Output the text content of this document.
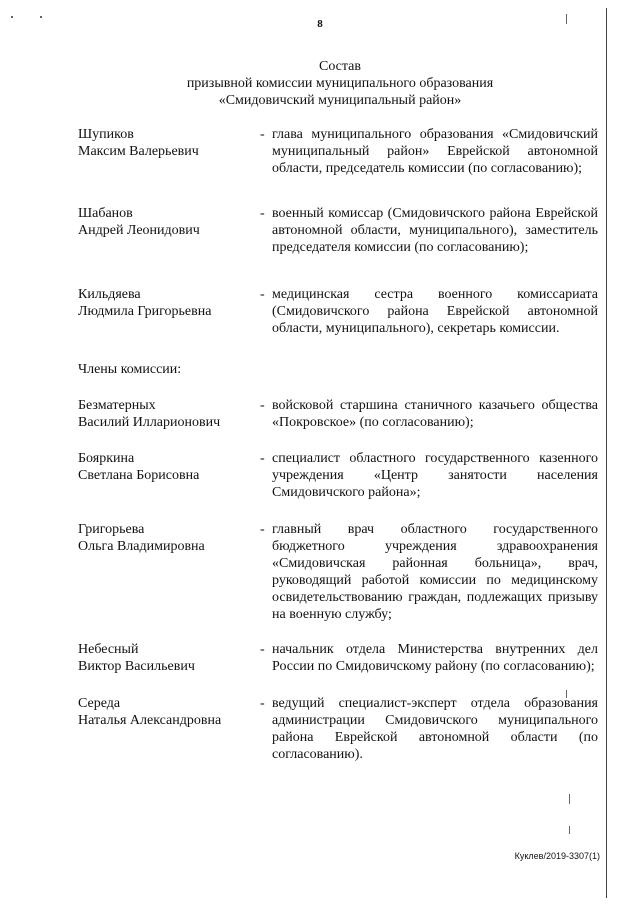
8
Состав
призывной комиссии муниципального образования
«Смидовичский муниципальный район»
Шупиков
Максим Валерьевич
- глава муниципального образования «Смидовичский муниципальный район» Еврейской автономной области, председатель комиссии (по согласованию);
Шабанов
Андрей Леонидович
- военный комиссар (Смидовичского района Еврейской автономной области, муниципального), заместитель председателя комиссии (по согласованию);
Кильдяева
Людмила Григорьевна
- медицинская сестра военного комиссариата (Смидовичского района Еврейской автономной области, муниципального), секретарь комиссии.
Члены комиссии:
Безматерных
Василий Илларионович
- войсковой старшина станичного казачьего общества «Покровское» (по согласованию);
Бояркина
Светлана Борисовна
- специалист областного государственного казенного учреждения «Центр занятости населения Смидовичского района»;
Григорьева
Ольга Владимировна
- главный врач областного государственного бюджетного учреждения здравоохранения «Смидовичская районная больница», врач, руководящий работой комиссии по медицинскому освидетельствованию граждан, подлежащих призыву на военную службу;
Небесный
Виктор Васильевич
- начальник отдела Министерства внутренних дел России по Смидовичскому району (по согласованию);
Середа
Наталья Александровна
- ведущий специалист-эксперт отдела образования администрации Смидовичского муниципального района Еврейской автономной области (по согласованию).
Куклев/2019-3307(1)
